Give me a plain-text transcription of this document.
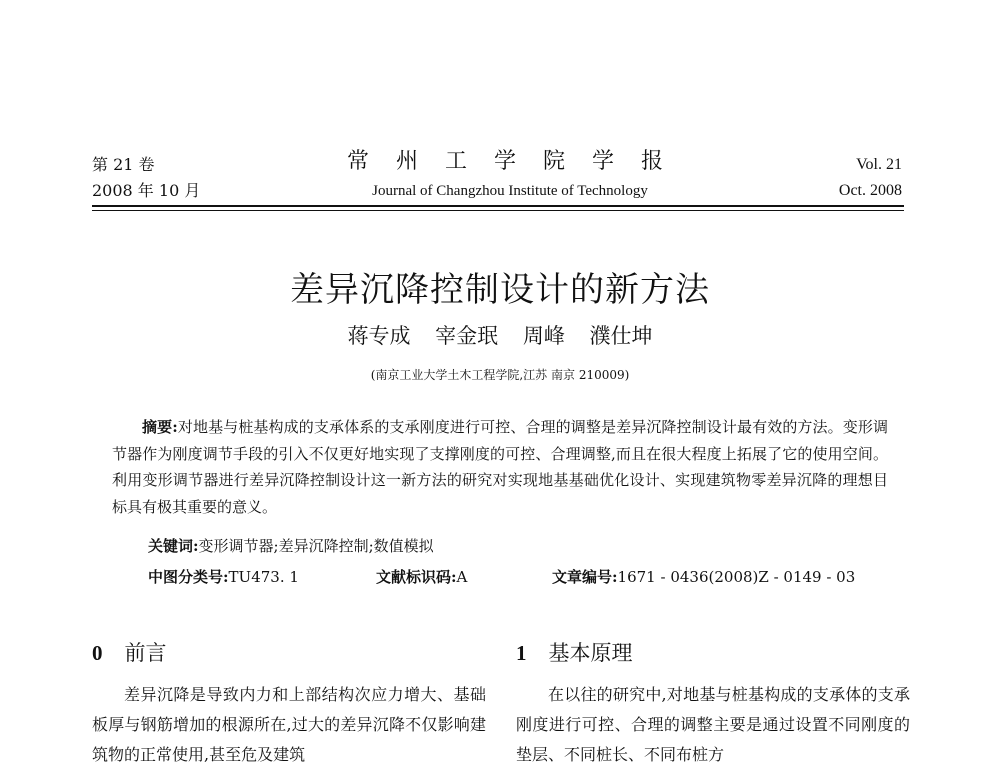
第 21 卷
2008 年 10 月
常 州 工 学 院 学 报
Journal of Changzhou Institute of Technology
Vol. 21
Oct. 2008
差异沉降控制设计的新方法
蒋专成 宰金珉 周峰 濮仕坤
(南京工业大学土木工程学院,江苏 南京 210009)
摘要:对地基与桩基构成的支承体系的支承刚度进行可控、合理的调整是差异沉降控制设计最有效的方法。变形调节器作为刚度调节手段的引入不仅更好地实现了支撑刚度的可控、合理调整,而且在很大程度上拓展了它的使用空间。利用变形调节器进行差异沉降控制设计这一新方法的研究对实现地基基础优化设计、实现建筑物零差异沉降的理想目标具有极其重要的意义。
关键词:变形调节器;差异沉降控制;数值模拟
中图分类号:TU473. 1	文献标识码:A	文章编号:1671 - 0436(2008)Z - 0149 - 03
0 前言	1 基本原理

差异沉降是导致内力和上部结构次应力增大、基础板厚与钢筋增加的根源所在,过大的差异沉降不仅影响建筑物的正常使用,甚至危及建筑

在以往的研究中,对地基与桩基构成的支承体的支承刚度进行可控、合理的调整主要是通过设置不同刚度的垫层、不同桩长、不同布桩方
